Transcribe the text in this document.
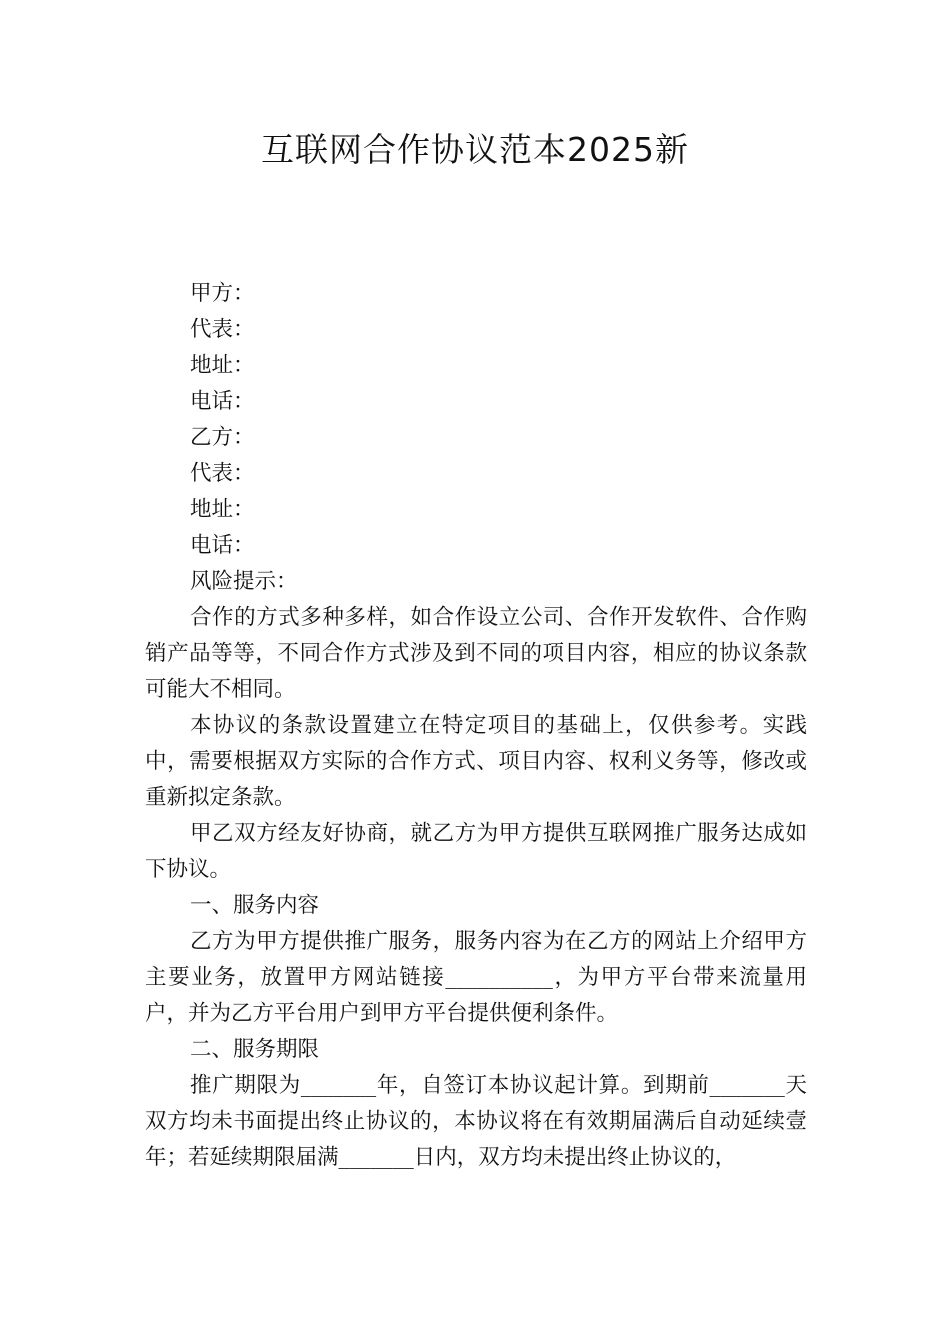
互联网合作协议范本2025新

甲方：

代表：

地址：

电话：

乙方：

代表：

地址：

电话：

风险提示：

合作的方式多种多样，如合作设立公司、合作开发软件、合作购销产品等等，不同合作方式涉及到不同的项目内容，相应的协议条款可能大不相同。

本协议的条款设置建立在特定项目的基础上，仅供参考。实践中，需要根据双方实际的合作方式、项目内容、权利义务等，修改或重新拟定条款。

甲乙双方经友好协商，就乙方为甲方提供互联网推广服务达成如下协议。

一、服务内容

乙方为甲方提供推广服务，服务内容为在乙方的网站上介绍甲方主要业务，放置甲方网站链接__________，为甲方平台带来流量用户，并为乙方平台用户到甲方平台提供便利条件。

二、服务期限

推广期限为_______年，自签订本协议起计算。到期前_______天双方均未书面提出终止协议的，本协议将在有效期届满后自动延续壹年；若延续期限届满_______日内，双方均未提出终止协议的，
